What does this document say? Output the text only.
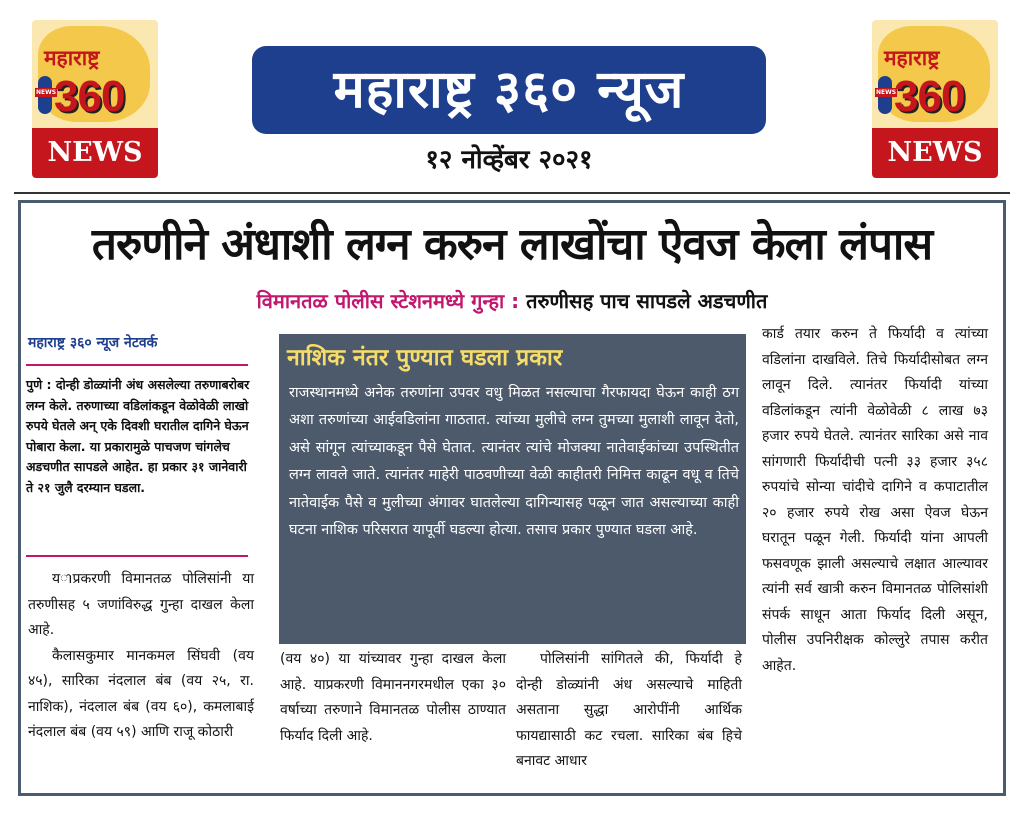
महाराष्ट्र
NEWS
360
NEWS
महाराष्ट्र
NEWS
360
NEWS
महाराष्ट्र ३६० न्यूज
१२ नोव्हेंबर २०२१
तरुणीने अंधाशी लग्न करुन लाखोंचा ऐवज केला लंपास
विमानतळ पोलीस स्टेशनमध्ये गुन्हा : तरुणीसह पाच सापडले अडचणीत
महाराष्ट्र ३६० न्यूज नेटवर्क
पुणे : दोन्ही डोळ्यांनी अंध असलेल्या तरुणाबरोबर लग्न केले. तरुणाच्या वडिलांकडून वेळोवेळी लाखो रुपये घेतले अन् एके दिवशी घरातील दागिने घेऊन पोबारा केला. या प्रकारामुळे पाचजण चांगलेच अडचणीत सापडले आहेत. हा प्रकार ३१ जानेवारी ते २१ जुलै दरम्यान घडला.

यាप्रकरणी विमानतळ पोलिसांनी या तरुणीसह ५ जणांविरुद्ध गुन्हा दाखल केला आहे.

कैलासकुमार मानकमल सिंघवी (वय ४५), सारिका नंदलाल बंब (वय २५, रा. नाशिक), नंदलाल बंब (वय ६०), कमलाबाई नंदलाल बंब (वय ५९) आणि राजू कोठारी

नाशिक नंतर पुण्यात घडला प्रकार
राजस्थानमध्ये अनेक तरुणांना उपवर वधु मिळत नसल्याचा गैरफायदा घेऊन काही ठग अशा तरुणांच्या आईवडिलांना गाठतात. त्यांच्या मुलीचे लग्न तुमच्या मुलाशी लावून देतो, असे सांगून त्यांच्याकडून पैसे घेतात. त्यानंतर त्यांचे मोजक्या नातेवाईकांच्या उपस्थितीत लग्न लावले जाते. त्यानंतर माहेरी पाठवणीच्या वेळी काहीतरी निमित्त काढून वधू व तिचे नातेवाईक पैसे व मुलीच्या अंगावर घातलेल्या दागिन्यासह पळून जात असल्याच्या काही घटना नाशिक परिसरात यापूर्वी घडल्या होत्या. तसाच प्रकार पुण्यात घडला आहे.

(वय ४०) या यांच्यावर गुन्हा दाखल केला आहे. याप्रकरणी विमाननगरमधील एका ३० वर्षाच्या तरुणाने विमानतळ पोलीस ठाण्यात फिर्याद दिली आहे.

पोलिसांनी सांगितले की, फिर्यादी हे दोन्ही डोळ्यांनी अंध असल्याचे माहिती असताना सुद्धा आरोपींनी आर्थिक फायद्यासाठी कट रचला. सारिका बंब हिचे बनावट आधार

कार्ड तयार करुन ते फिर्यादी व त्यांच्या वडिलांना दाखविले. तिचे फिर्यादीसोबत लग्न लावून दिले. त्यानंतर फिर्यादी यांच्या वडिलांकडून त्यांनी वेळोवेळी ८ लाख ७३ हजार रुपये घेतले. त्यानंतर सारिका असे नाव सांगणारी फिर्यादीची पत्नी ३३ हजार ३५८ रुपयांचे सोन्या चांदीचे दागिने व कपाटातील २० हजार रुपये रोख असा ऐवज घेऊन घरातून पळून गेली. फिर्यादी यांना आपली फसवणूक झाली असल्याचे लक्षात आल्यावर त्यांनी सर्व खात्री करुन विमानतळ पोलिसांशी संपर्क साधून आता फिर्याद दिली असून, पोलीस उपनिरीक्षक कोल्लुरे तपास करीत आहेत.
